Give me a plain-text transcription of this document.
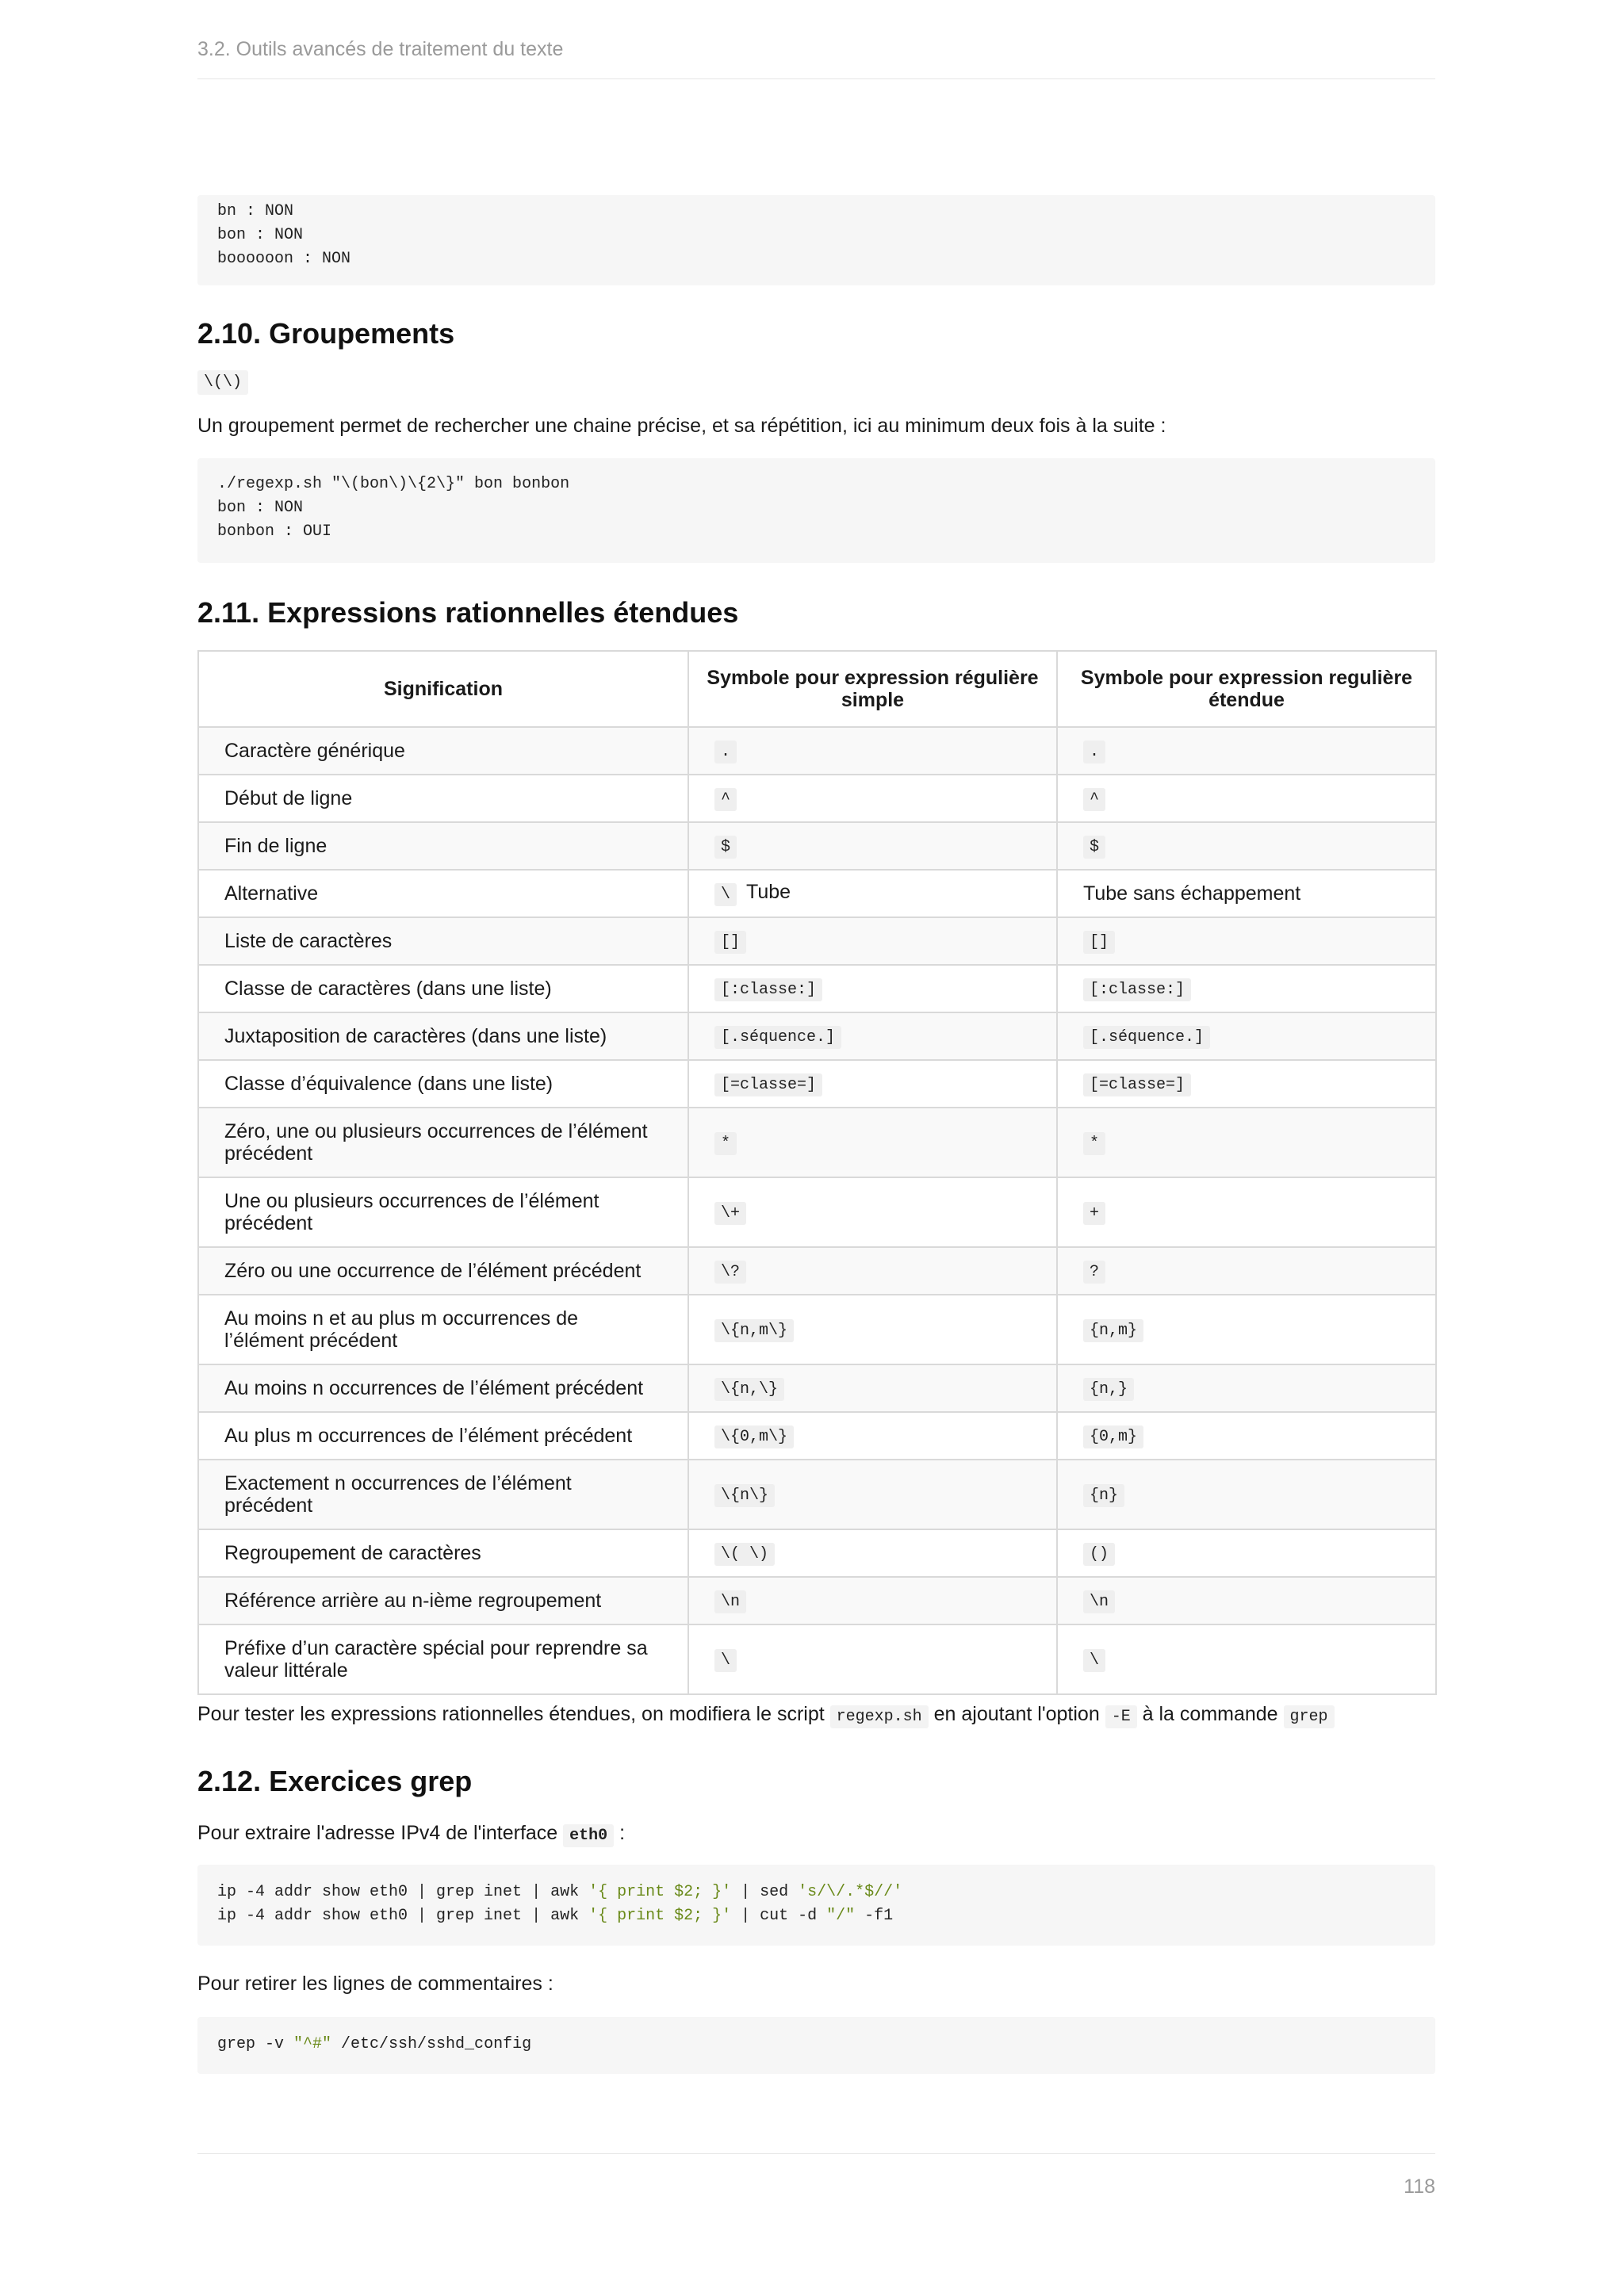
3.2. Outils avancés de traitement du texte
bn : NON
bon : NON
boooooon : NON
2.10. Groupements
\(\)

Un groupement permet de rechercher une chaine précise, et sa répétition, ici au minimum deux fois à la suite :

./regexp.sh "\(bon\)\{2\}" bon bonbon
bon : NON
bonbon : OUI
2.11. Expressions rationnelles étendues
Signification	Symbole pour expression régulière simple	Symbole pour expression regulière étendue
Caractère générique	.	.
Début de ligne	^	^
Fin de ligne	$	$
Alternative	\ Tube	Tube sans échappement
Liste de caractères	[]	[]
Classe de caractères (dans une liste)	[:classe:]	[:classe:]
Juxtaposition de caractères (dans une liste)	[.séquence.]	[.séquence.]
Classe d’équivalence (dans une liste)	[=classe=]	[=classe=]
Zéro, une ou plusieurs occurrences de l’élément précédent	*	*
Une ou plusieurs occurrences de l’élément précédent	\+	+
Zéro ou une occurrence de l’élément précédent	\?	?
Au moins n et au plus m occurrences de l’élément précédent	\{n,m\}	{n,m}
Au moins n occurrences de l’élément précédent	\{n,\}	{n,}
Au plus m occurrences de l’élément précédent	\{0,m\}	{0,m}
Exactement n occurrences de l’élément précédent	\{n\}	{n}
Regroupement de caractères	\( \)	()
Référence arrière au n-ième regroupement	\n	\n
Préfixe d’un caractère spécial pour reprendre sa valeur littérale	\	\

Pour tester les expressions rationnelles étendues, on modifiera le script regexp.sh en ajoutant l'option -E à la commande grep

2.12. Exercices grep

Pour extraire l'adresse IPv4 de l'interface eth0 :

ip -4 addr show eth0 | grep inet | awk '{ print $2; }' | sed 's/\/.*$//'
ip -4 addr show eth0 | grep inet | awk '{ print $2; }' | cut -d "/" -f1

Pour retirer les lignes de commentaires :

grep -v "^#" /etc/ssh/sshd_config
118
